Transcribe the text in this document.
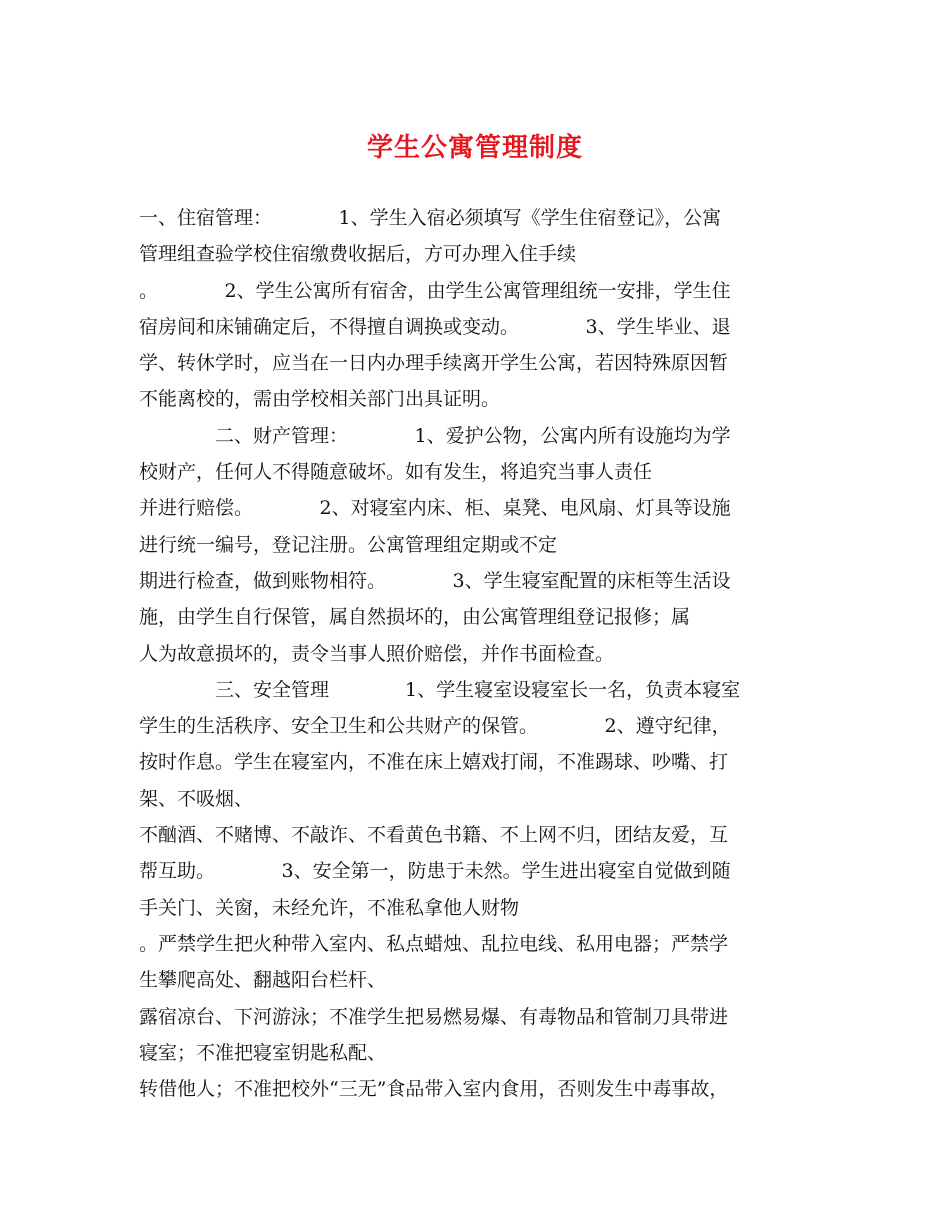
学生公寓管理制度
一、住宿管理：　　　　1、学生入宿必须填写《学生住宿登记》，公寓
管理组查验学校住宿缴费收据后，方可办理入住手续
。　　　　2、学生公寓所有宿舍，由学生公寓管理组统一安排，学生住
宿房间和床铺确定后，不得擅自调换或变动。　　　　3、学生毕业、退
学、转休学时，应当在一日内办理手续离开学生公寓，若因特殊原因暂
不能离校的，需由学校相关部门出具证明。
　　　　二、财产管理：　　　　1、爱护公物，公寓内所有设施均为学
校财产，任何人不得随意破坏。如有发生，将追究当事人责任
并进行赔偿。　　　　2、对寝室内床、柜、桌凳、电风扇、灯具等设施
进行统一编号，登记注册。公寓管理组定期或不定
期进行检查，做到账物相符。　　　　3、学生寝室配置的床柜等生活设
施，由学生自行保管，属自然损坏的，由公寓管理组登记报修；属
人为故意损坏的，责令当事人照价赔偿，并作书面检查。
　　　　三、安全管理　　　　1、学生寝室设寝室长一名，负责本寝室
学生的生活秩序、安全卫生和公共财产的保管。　　　　2、遵守纪律，
按时作息。学生在寝室内，不准在床上嬉戏打闹，不准踢球、吵嘴、打
架、不吸烟、
不酗酒、不赌博、不敲诈、不看黄色书籍、不上网不归，团结友爱，互
帮互助。　　　　3、安全第一，防患于未然。学生进出寝室自觉做到随
手关门、关窗，未经允许，不准私拿他人财物
。严禁学生把火种带入室内、私点蜡烛、乱拉电线、私用电器；严禁学
生攀爬高处、翻越阳台栏杆、
露宿凉台、下河游泳；不准学生把易燃易爆、有毒物品和管制刀具带进
寝室；不准把寝室钥匙私配、
转借他人；不准把校外“三无”食品带入室内食用，否则发生中毒事故，
